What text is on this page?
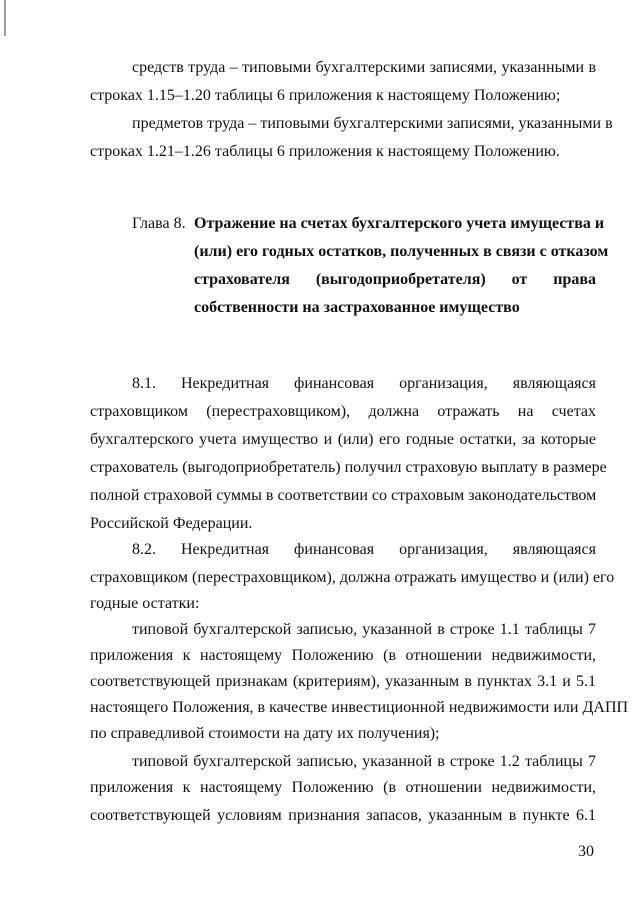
средств труда – типовыми бухгалтерскими записями, указанными в
строках 1.15–1.20 таблицы 6 приложения к настоящему Положению;
предметов труда – типовыми бухгалтерскими записями, указанными в
строках 1.21–1.26 таблицы 6 приложения к настоящему Положению.
Глава 8. Отражение на счетах бухгалтерского учета имущества и
(или) его годных остатков, полученных в связи с отказом
страхователя (выгодоприобретателя) от права
собственности на застрахованное имущество
8.1. Некредитная финансовая организация, являющаяся
страховщиком (перестраховщиком), должна отражать на счетах
бухгалтерского учета имущество и (или) его годные остатки, за которые
страхователь (выгодоприобретатель) получил страховую выплату в размере
полной страховой суммы в соответствии со страховым законодательством
Российской Федерации.
8.2. Некредитная финансовая организация, являющаяся
страховщиком (перестраховщиком), должна отражать имущество и (или) его
годные остатки:
типовой бухгалтерской записью, указанной в строке 1.1 таблицы 7
приложения к настоящему Положению (в отношении недвижимости,
соответствующей признакам (критериям), указанным в пунктах 3.1 и 5.1
настоящего Положения, в качестве инвестиционной недвижимости или ДАПП
по справедливой стоимости на дату их получения);
типовой бухгалтерской записью, указанной в строке 1.2 таблицы 7
приложения к настоящему Положению (в отношении недвижимости,
соответствующей условиям признания запасов, указанным в пункте 6.1
30
